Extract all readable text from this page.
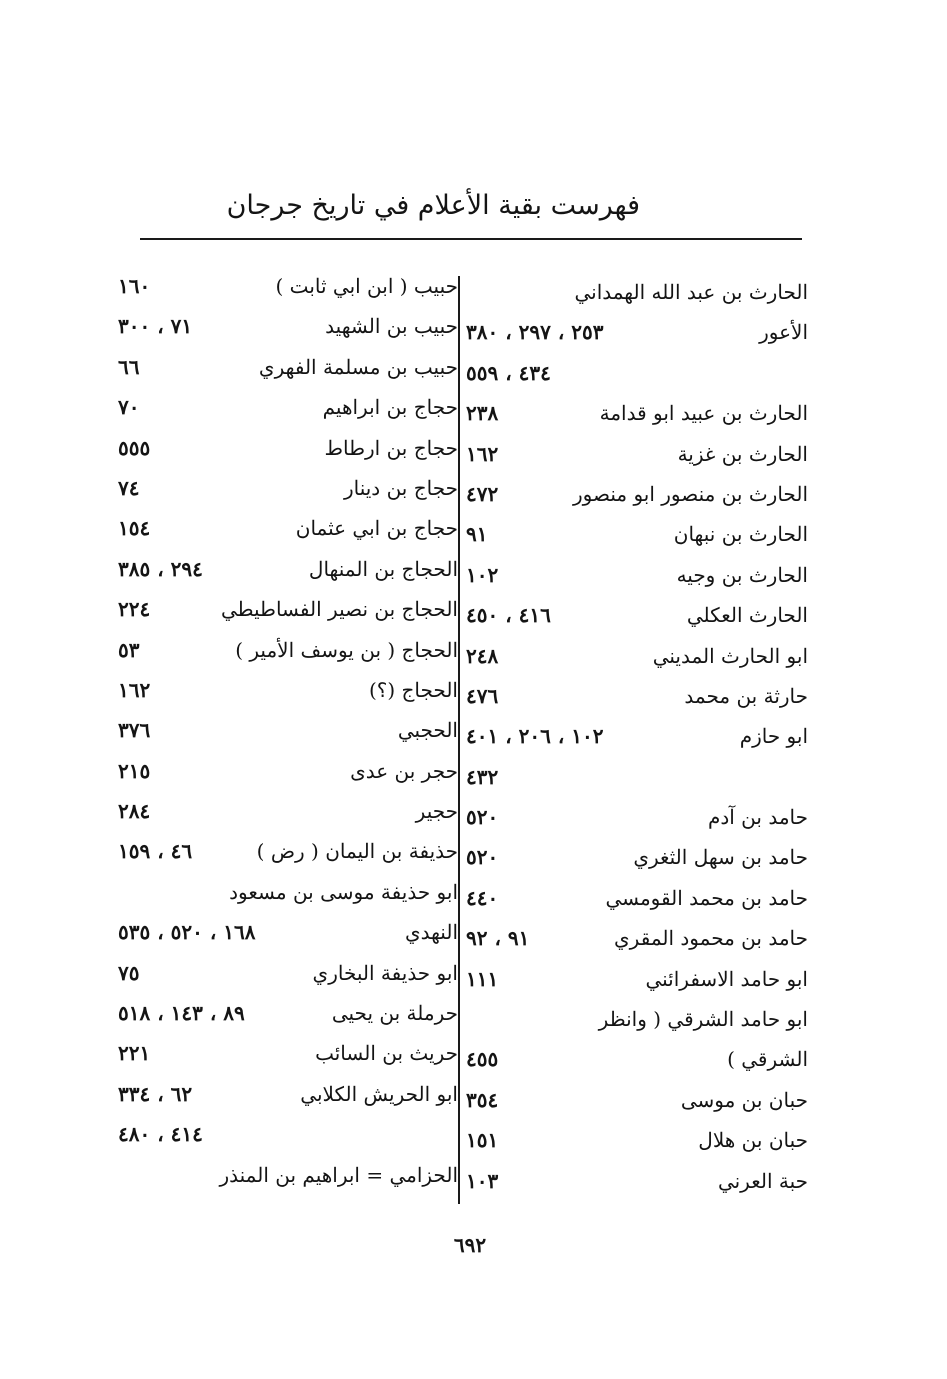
فهرست بقية الأعلام في تاريخ جرجان
الحارث بن عبد الله الهمداني
الأعور
٢٥٣ ، ٢٩٧ ، ٣٨٠
٤٣٤ ، ٥٥٩
الحارث بن عبيد ابو قدامة
٢٣٨
الحارث بن غزية
١٦٢
الحارث بن منصور ابو منصور
٤٧٢
الحارث بن نبهان
٩١
الحارث بن وجيه
١٠٢
الحارث العكلي
٤١٦ ، ٤٥٠
ابو الحارث المديني
٢٤٨
حارثة بن محمد
٤٧٦
ابو حازم
١٠٢ ، ٢٠٦ ، ٤٠١
٤٣٢
حامد بن آدم
٥٢٠
حامد بن سهل الثغري
٥٢٠
حامد بن محمد القومسي
٤٤٠
حامد بن محمود المقري
٩١ ، ٩٢
ابو حامد الاسفرائني
١١١
ابو حامد الشرقي ( وانظر
الشرقي )
٤٥٥
حبان بن موسى
٣٥٤
حبان بن هلال
١٥١
حبة العرني
١٠٣
حبيب ( ابن ابي ثابت )
١٦٠
حبيب بن الشهيد
٧١ ، ٣٠٠
حبيب بن مسلمة الفهري
٦٦
حجاج بن ابراهيم
٧٠
حجاج بن ارطاط
٥٥٥
حجاج بن دينار
٧٤
حجاج بن ابي عثمان
١٥٤
الحجاج بن المنهال
٢٩٤ ، ٣٨٥
الحجاج بن نصير الفساطيطي
٢٢٤
الحجاج ( بن يوسف الأمير )
٥٣
الحجاج (؟)
١٦٢
الحجبي
٣٧٦
حجر بن عدى
٢١٥
حجير
٢٨٤
حذيفة بن اليمان ( رض )
٤٦ ، ١٥٩
ابو حذيفة موسى بن مسعود
النهدي
١٦٨ ، ٥٢٠ ، ٥٣٥
ابو حذيفة البخاري
٧٥
حرملة بن يحيى
٨٩ ، ١٤٣ ، ٥١٨
حريث بن السائب
٢٢١
ابو الحريش الكلابي
٦٢ ، ٣٣٤
٤١٤ ، ٤٨٠
الحزامي = ابراهيم بن المنذر
٦٩٢
